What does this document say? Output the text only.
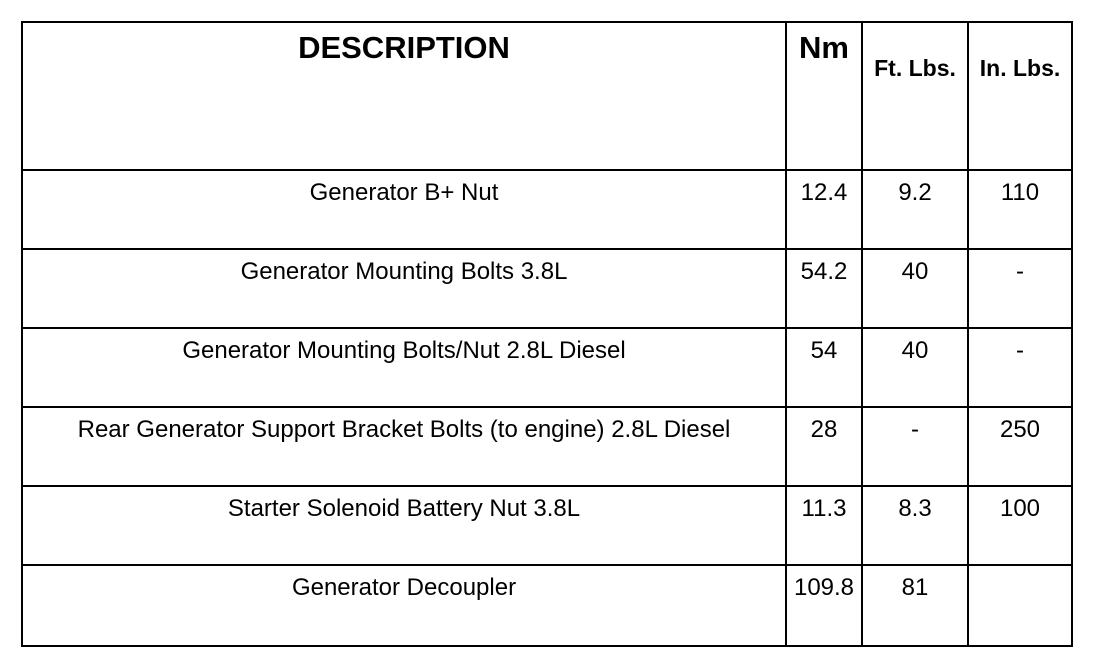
DESCRIPTION	Nm	Ft. Lbs.	In. Lbs.
Generator B+ Nut	12.4	9.2	110
Generator Mounting Bolts 3.8L	54.2	40	-
Generator Mounting Bolts/Nut 2.8L Diesel	54	40	-
Rear Generator Support Bracket Bolts (to engine) 2.8L Diesel	28	-	250
Starter Solenoid Battery Nut 3.8L	11.3	8.3	100
Generator Decoupler	109.8	81	
